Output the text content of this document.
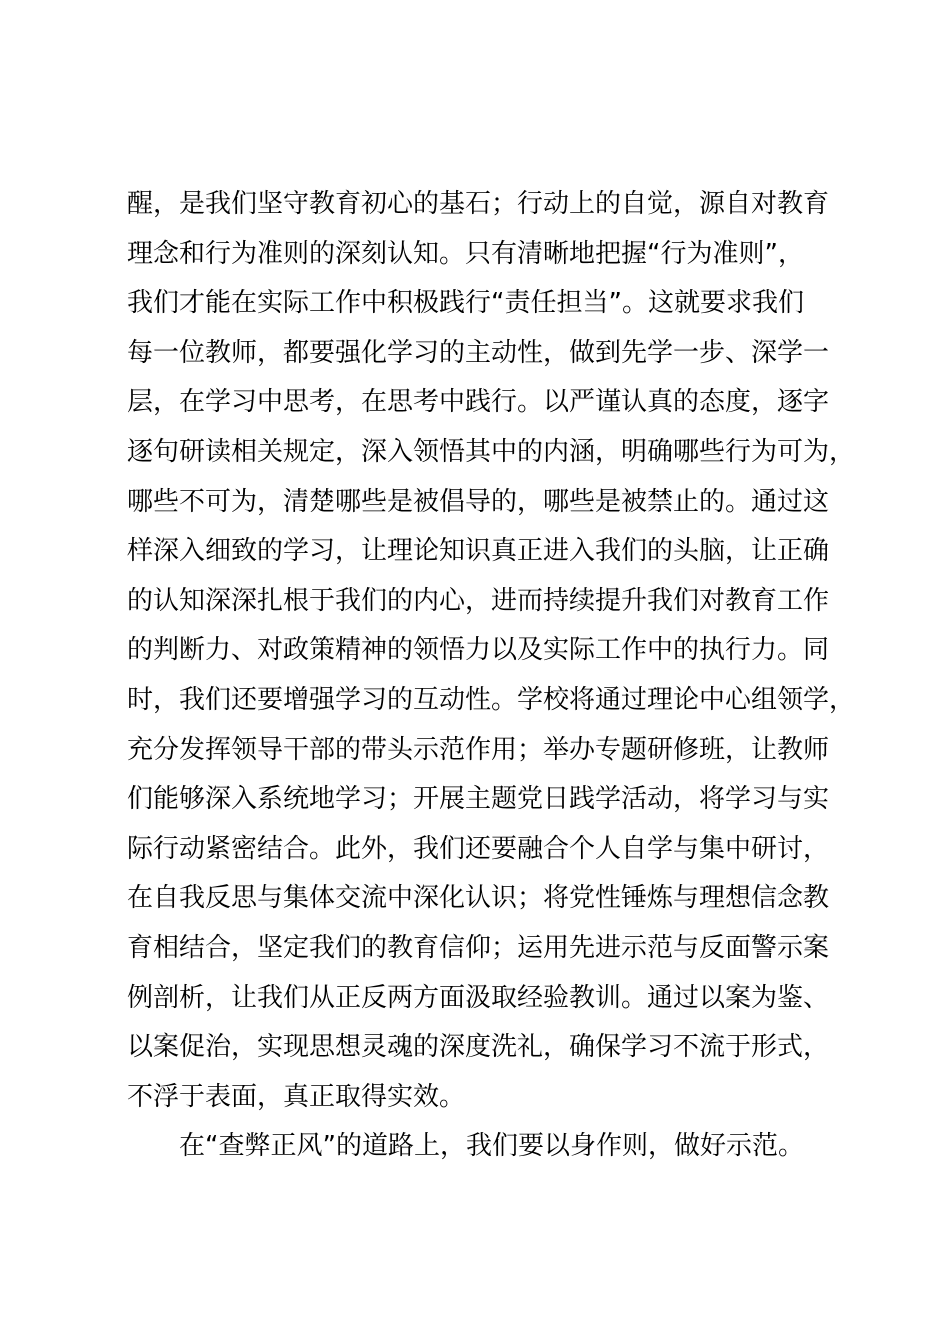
醒，是我们坚守教育初心的基石；行动上的自觉，源自对教育
理念和行为准则的深刻认知。只有清晰地把握“行为准则”，
我们才能在实际工作中积极践行“责任担当”。这就要求我们
每一位教师，都要强化学习的主动性，做到先学一步、深学一
层，在学习中思考，在思考中践行。以严谨认真的态度，逐字
逐句研读相关规定，深入领悟其中的内涵，明确哪些行为可为，
哪些不可为，清楚哪些是被倡导的，哪些是被禁止的。通过这
样深入细致的学习，让理论知识真正进入我们的头脑，让正确
的认知深深扎根于我们的内心，进而持续提升我们对教育工作
的判断力、对政策精神的领悟力以及实际工作中的执行力。同
时，我们还要增强学习的互动性。学校将通过理论中心组领学，
充分发挥领导干部的带头示范作用；举办专题研修班，让教师
们能够深入系统地学习；开展主题党日践学活动，将学习与实
际行动紧密结合。此外，我们还要融合个人自学与集中研讨，
在自我反思与集体交流中深化认识；将党性锤炼与理想信念教
育相结合，坚定我们的教育信仰；运用先进示范与反面警示案
例剖析，让我们从正反两方面汲取经验教训。通过以案为鉴、
以案促治，实现思想灵魂的深度洗礼，确保学习不流于形式，
不浮于表面，真正取得实效。
在“查弊正风”的道路上，我们要以身作则，做好示范。
